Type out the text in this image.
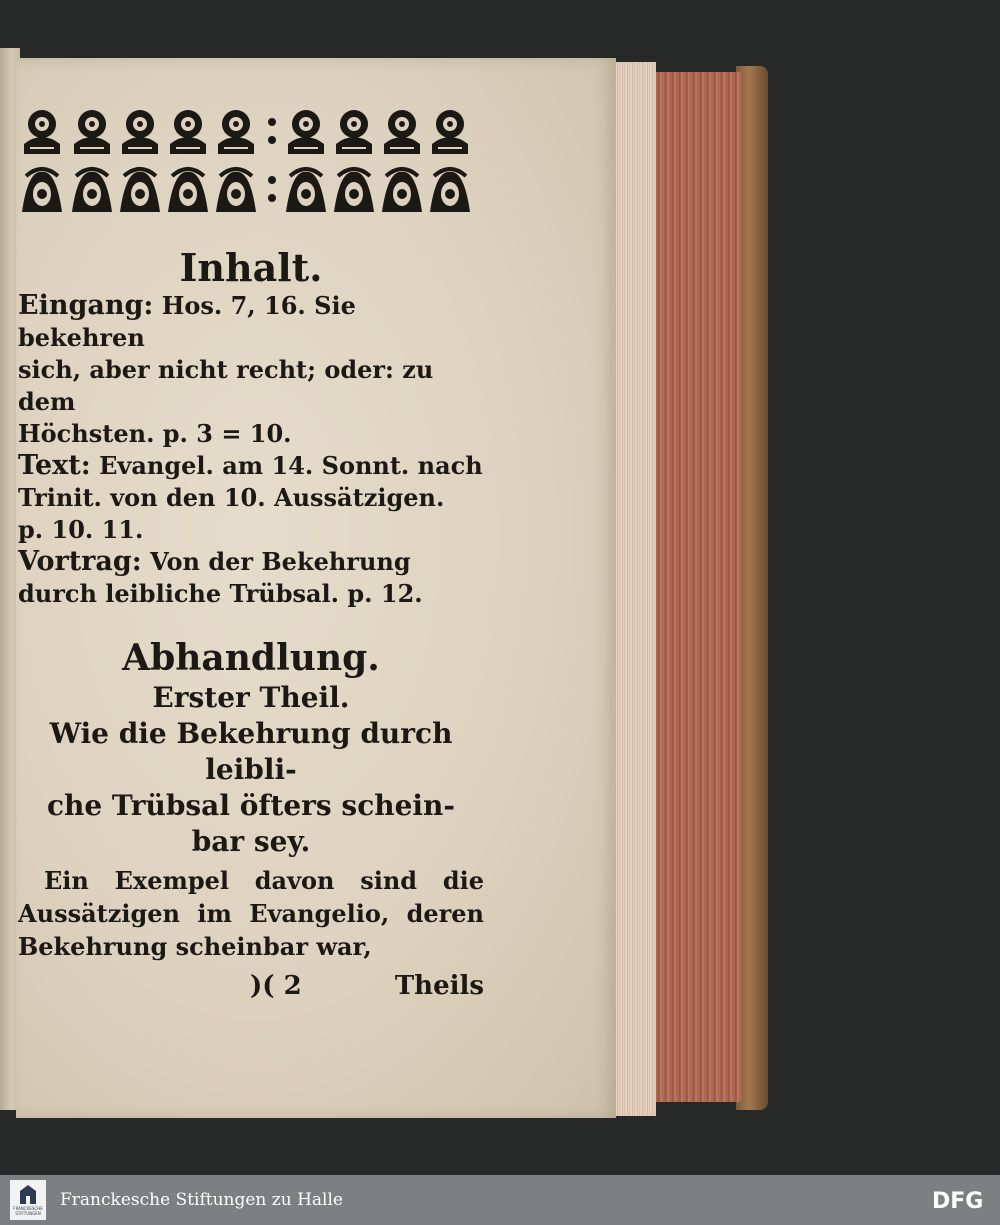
Inhalt.

Eingang: Hos. 7, 16. Sie bekehren

sich, aber nicht recht; oder: zu dem

Höchsten. p. 3 = 10.

Text: Evangel. am 14. Sonnt. nach

Trinit. von den 10. Aussätzigen.

p. 10. 11.

Vortrag: Von der Bekehrung

durch leibliche Trübsal. p. 12.

Abhandlung.
Erster Theil.

Wie die Bekehrung durch leibli-
che Trübsal öfters schein-
bar sey.

Ein Exempel davon sind die Aussätzigen im Evangelio, deren Bekehrung scheinbar war,

)( 2	Theils
FRANCKESCHE STIFTUNGEN
Franckesche Stiftungen zu Halle	DFG
